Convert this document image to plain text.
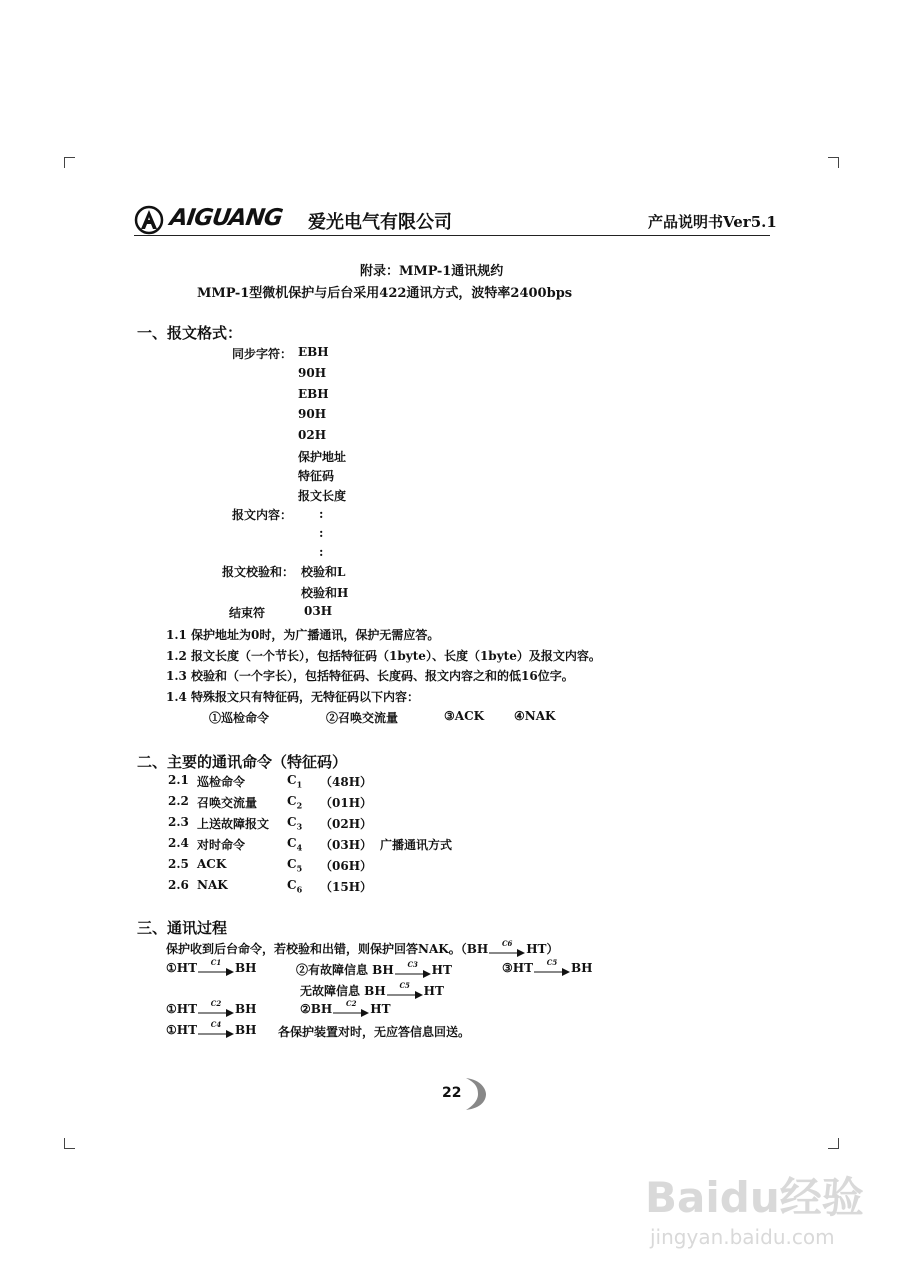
AIGUANG 爱光电气有限公司	产品说明书Ver5.1
附录：MMP-1通讯规约
MMP-1型微机保护与后台采用422通讯方式，波特率2400bps
一、报文格式：
同步字符： EBH
90H
EBH
90H
02H
保护地址
特征码
报文长度
报文内容： :
:
:
报文校验和： 校验和L
校验和H
结束符	03H
1.1 保护地址为0时，为广播通讯，保护无需应答。
1.2 报文长度（一个节长），包括特征码（1byte）、长度（1byte）及报文内容。
1.3 校验和（一个字长），包括特征码、长度码、报文内容之和的低16位字。
1.4 特殊报文只有特征码，无特征码以下内容：
①巡检命令	②召唤交流量	③ACK ④NAK
二、主要的通讯命令（特征码）
2.1 巡检命令	$C_1$ （48H）
2.2 召唤交流量 $C_2$ （01H）
2.3 上送故障报文 $C_3$ （02H）
2.4 对时命令	$C_4$ （03H） 广播通讯方式
2.5 ACK	$C_5$ （06H）
2.6 NAK	$C_6$ （15H）
三、通讯过程
保护收到后台命令，若校验和出错，则保护回答NAK。（BH	C6	HT）
①HT	C1	BH	②有故障信息 BH	C3	HT	③HT	C5	BH
无故障信息 BH	C5	HT
①HT	C2	BH	②BH	C2	HT
①HT	C4	BH 各保护装置对时，无应答信息回送。
22
Baidu经验
jingyan.baidu.com
